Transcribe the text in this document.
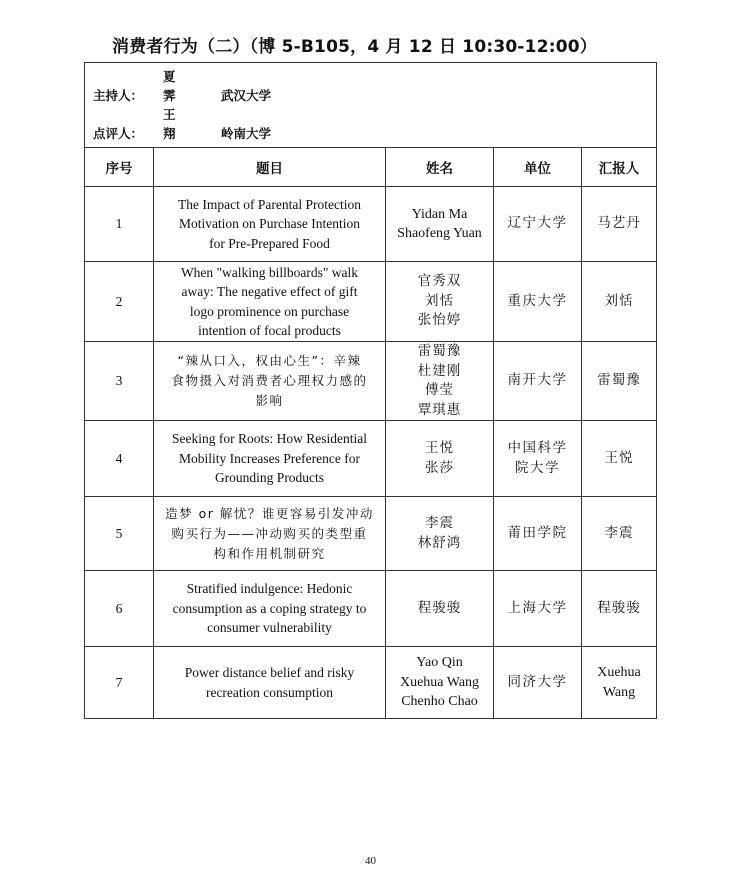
消费者行为（二）（博 5-B105，4 月 12 日 10:30-12:00）
主持人：夏　霁 武汉大学
点评人：王　翔 岭南大学				

序号	题目	姓名	单位	汇报人
1	The Impact of Parental Protection
Motivation on Purchase Intention
for Pre-Prepared Food	Yidan Ma
Shaofeng Yuan	辽宁大学	马艺丹

2	When "walking billboards" walk
away: The negative effect of gift
logo prominence on purchase
intention of focal products	官秀双
刘恬
张怡婷	重庆大学	刘恬

3	“辣从口入，权由心生”：辛辣
食物摄入对消费者心理权力感的
影响	雷蜀豫
杜建刚
傅莹
覃琪惠	南开大学	雷蜀豫

4	Seeking for Roots: How Residential
Mobility Increases Preference for
Grounding Products	王悦
张莎	中国科学
院大学	王悦

5	造梦 or 解忧？谁更容易引发冲动
购买行为——冲动购买的类型重
构和作用机制研究	李震
林舒鸿	莆田学院	李震

6	Stratified indulgence: Hedonic
consumption as a coping strategy to
consumer vulnerability	程骏骏	上海大学	程骏骏

7	Power distance belief and risky
recreation consumption	Yao Qin
Xuehua Wang
Chenho Chao	同济大学	Xuehua
Wang
40
